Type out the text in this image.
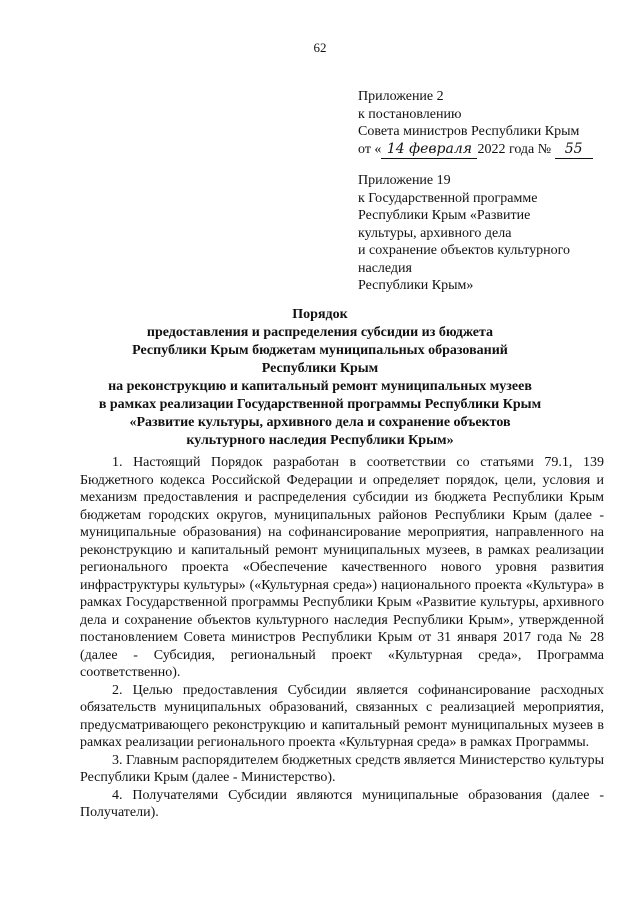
62
Приложение 2
к постановлению
Совета министров Республики Крым
от « 14 февраля 2022 года № 55
Приложение 19
к Государственной программе
Республики Крым «Развитие
культуры, архивного дела
и сохранение объектов культурного
наследия
Республики Крым»
Порядок
предоставления и распределения субсидии из бюджета
Республики Крым бюджетам муниципальных образований
Республики Крым
на реконструкцию и капитальный ремонт муниципальных музеев
в рамках реализации Государственной программы Республики Крым
«Развитие культуры, архивного дела и сохранение объектов
культурного наследия Республики Крым»

1. Настоящий Порядок разработан в соответствии со статьями 79.1, 139 Бюджетного кодекса Российской Федерации и определяет порядок, цели, условия и механизм предоставления и распределения субсидии из бюджета Республики Крым бюджетам городских округов, муниципальных районов Республики Крым (далее - муниципальные образования) на софинансирование мероприятия, направленного на реконструкцию и капитальный ремонт муниципальных музеев, в рамках реализации регионального проекта «Обеспечение качественного нового уровня развития инфраструктуры культуры» («Культурная среда») национального проекта «Культура» в рамках Государственной программы Республики Крым «Развитие культуры, архивного дела и сохранение объектов культурного наследия Республики Крым», утвержденной постановлением Совета министров Республики Крым от 31 января 2017 года № 28 (далее - Субсидия, региональный проект «Культурная среда», Программа соответственно).

2. Целью предоставления Субсидии является софинансирование расходных обязательств муниципальных образований, связанных с реализацией мероприятия, предусматривающего реконструкцию и капитальный ремонт муниципальных музеев в рамках реализации регионального проекта «Культурная среда» в рамках Программы.

3. Главным распорядителем бюджетных средств является Министерство культуры Республики Крым (далее - Министерство).

4. Получателями Субсидии являются муниципальные образования (далее - Получатели).
